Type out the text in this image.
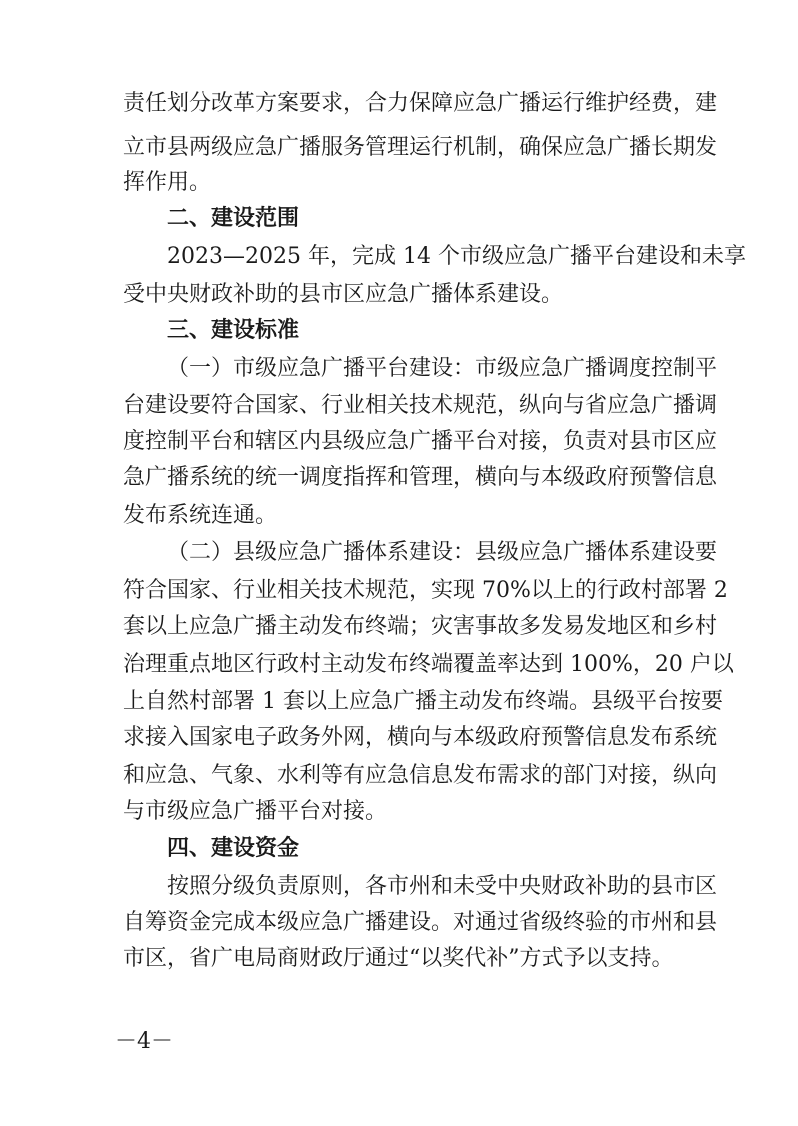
责任划分改革方案要求，合力保障应急广播运行维护经费，建
立市县两级应急广播服务管理运行机制，确保应急广播长期发
挥作用。
二、建设范围
2023—2025 年，完成 14 个市级应急广播平台建设和未享
受中央财政补助的县市区应急广播体系建设。
三、建设标准
（一）市级应急广播平台建设：市级应急广播调度控制平
台建设要符合国家、行业相关技术规范，纵向与省应急广播调
度控制平台和辖区内县级应急广播平台对接，负责对县市区应
急广播系统的统一调度指挥和管理，横向与本级政府预警信息
发布系统连通。
（二）县级应急广播体系建设：县级应急广播体系建设要
符合国家、行业相关技术规范，实现 70%以上的行政村部署 2
套以上应急广播主动发布终端；灾害事故多发易发地区和乡村
治理重点地区行政村主动发布终端覆盖率达到 100%，20 户以
上自然村部署 1 套以上应急广播主动发布终端。县级平台按要
求接入国家电子政务外网，横向与本级政府预警信息发布系统
和应急、气象、水利等有应急信息发布需求的部门对接，纵向
与市级应急广播平台对接。
四、建设资金
按照分级负责原则，各市州和未受中央财政补助的县市区
自筹资金完成本级应急广播建设。对通过省级终验的市州和县
市区，省广电局商财政厅通过“以奖代补”方式予以支持。
－4－
